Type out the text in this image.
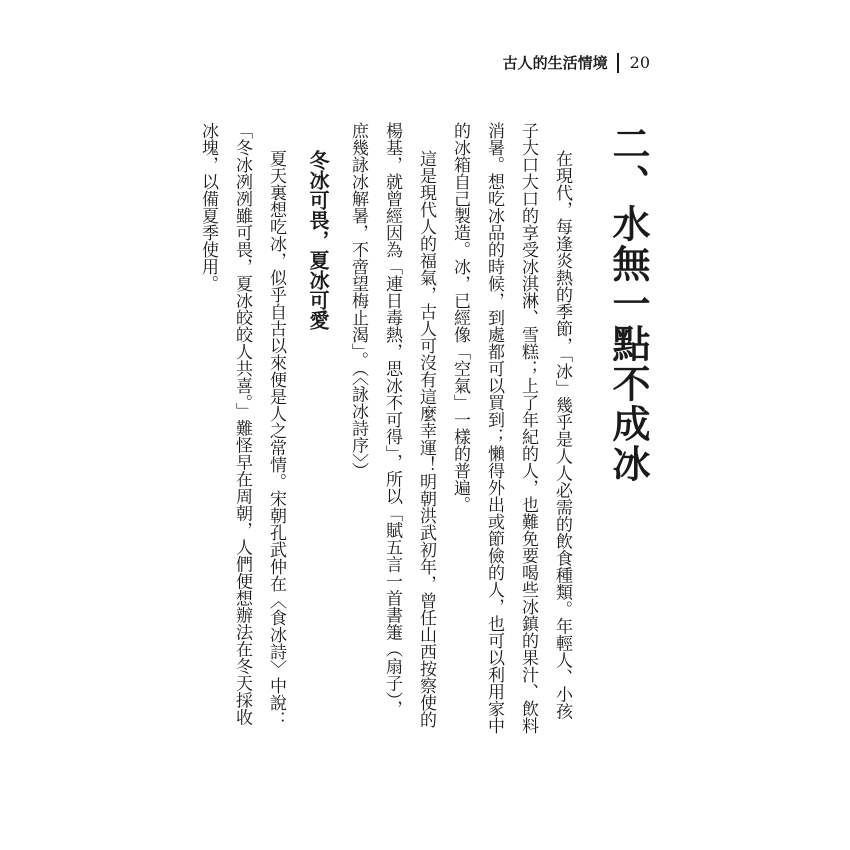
古人的生活情境 20
二、水無一點不成冰
在現代，每逢炎熱的季節，「冰」幾乎是人人必需的飲食種類。年輕人、小孩
子大口大口的享受冰淇淋、雪糕；上了年紀的人，也難免要喝些冰鎮的果汁、飲料
消暑。想吃冰品的時候，到處都可以買到；懶得外出或節儉的人，也可以利用家中
的冰箱自己製造。冰，已經像「空氣」一樣的普遍。
這是現代人的福氣，古人可沒有這麼幸運！明朝洪武初年，曾任山西按察使的
楊基，就曾經因為「連日毒熱，思冰不可得」，所以「賦五言一首書箑（扇子），
庶幾詠冰解暑，不啻望梅止渴」。（〈詠冰詩序〉）
冬冰可畏，夏冰可愛
夏天裏想吃冰，似乎自古以來便是人之常情。宋朝孔武仲在〈食冰詩〉中說：
「冬冰冽冽雖可畏，夏冰皎皎人共喜。」難怪早在周朝，人們便想辦法在冬天採收
冰塊，以備夏季使用。
